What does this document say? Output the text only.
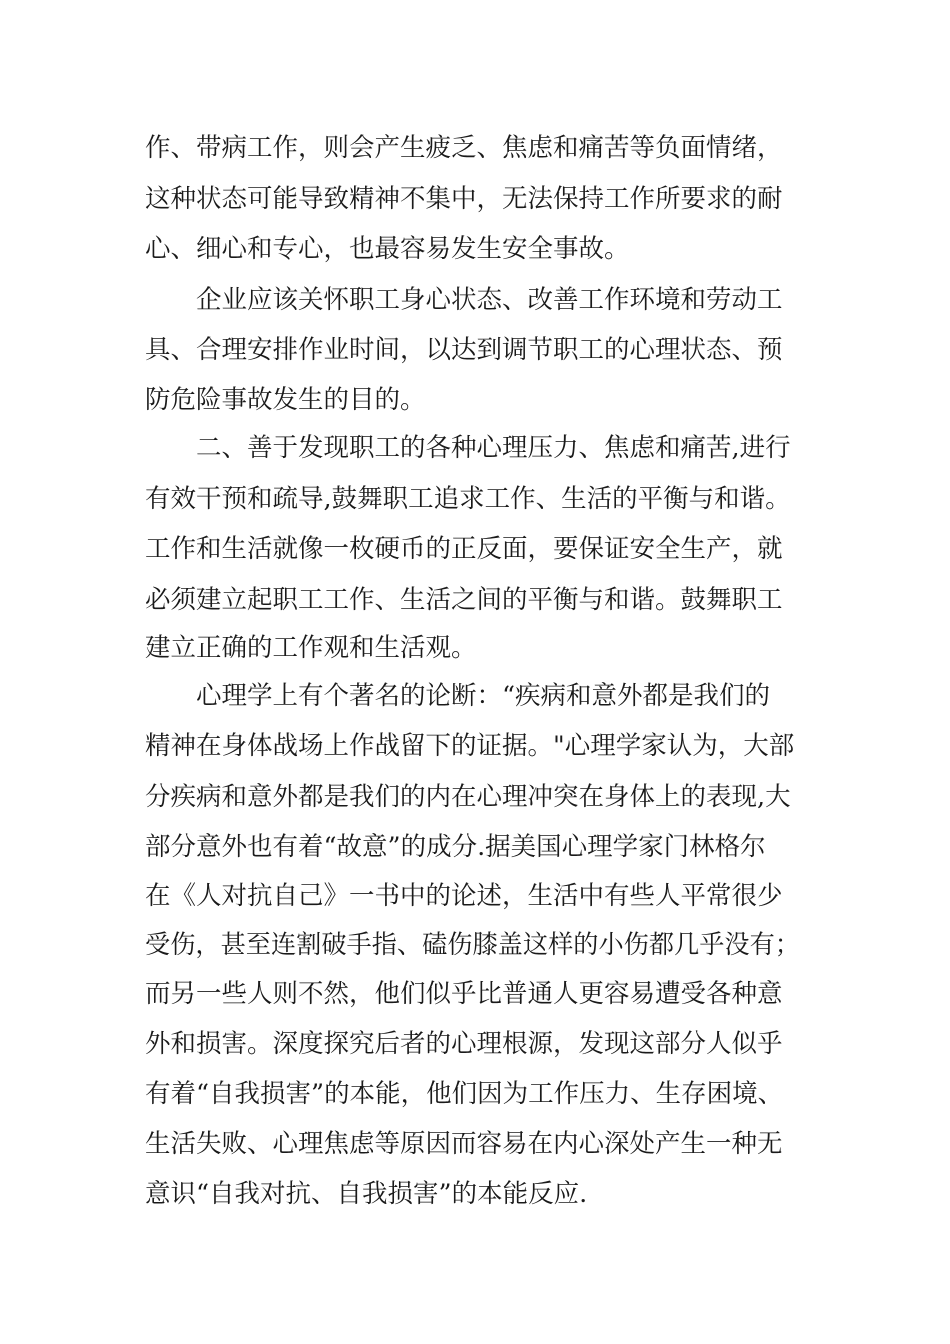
作、带病工作，则会产生疲乏、焦虑和痛苦等负面情绪，
这种状态可能导致精神不集中，无法保持工作所要求的耐
心、细心和专心，也最容易发生安全事故。
　　企业应该关怀职工身心状态、改善工作环境和劳动工
具、合理安排作业时间，以达到调节职工的心理状态、预
防危险事故发生的目的。
　　二、善于发现职工的各种心理压力、焦虑和痛苦,进行
有效干预和疏导,鼓舞职工追求工作、生活的平衡与和谐。
工作和生活就像一枚硬币的正反面，要保证安全生产，就
必须建立起职工工作、生活之间的平衡与和谐。鼓舞职工
建立正确的工作观和生活观。
　　心理学上有个著名的论断：“疾病和意外都是我们的
精神在身体战场上作战留下的证据。"心理学家认为，大部
分疾病和意外都是我们的内在心理冲突在身体上的表现,大
部分意外也有着“故意”的成分.据美国心理学家门林格尔
在《人对抗自己》一书中的论述，生活中有些人平常很少
受伤，甚至连割破手指、磕伤膝盖这样的小伤都几乎没有；
而另一些人则不然，他们似乎比普通人更容易遭受各种意
外和损害。深度探究后者的心理根源，发现这部分人似乎
有着“自我损害”的本能，他们因为工作压力、生存困境、
生活失败、心理焦虑等原因而容易在内心深处产生一种无
意识“自我对抗、自我损害”的本能反应.
